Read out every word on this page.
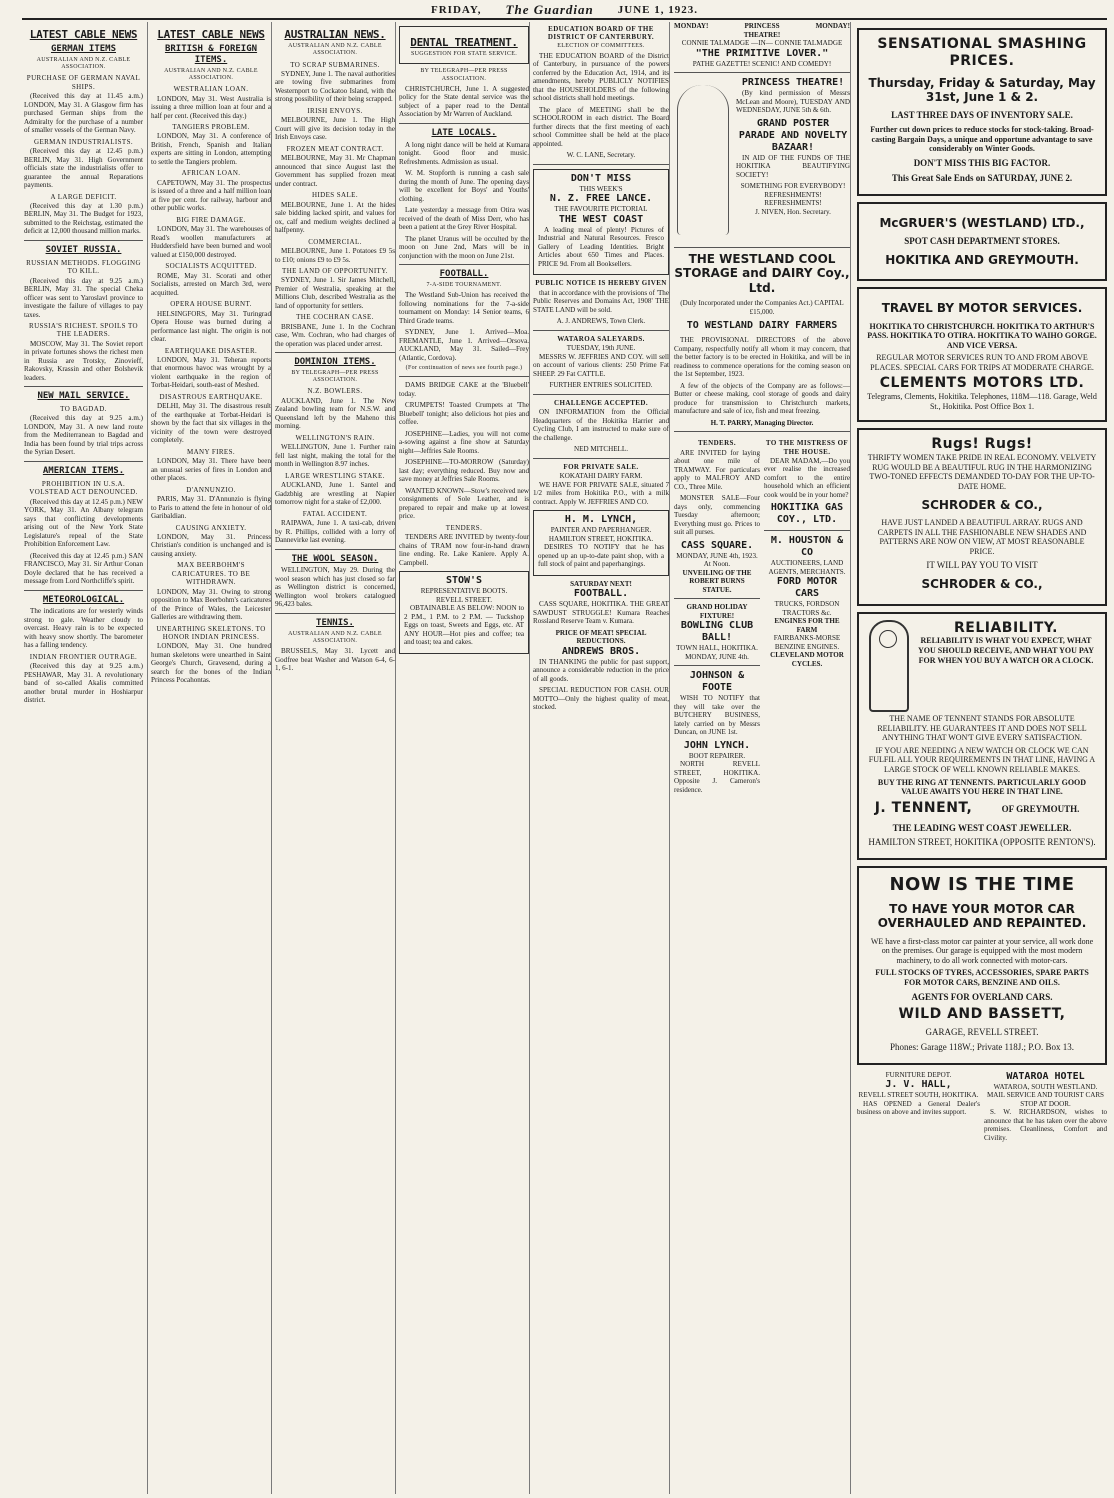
FRIDAY, The Guardian JUNE 1, 1923.
LATEST CABLE NEWS
GERMAN ITEMS
AUSTRALIAN AND N.Z. CABLE ASSOCIATION.
PURCHASE OF GERMAN NAVAL SHIPS.

(Received this day at 11.45 a.m.) LONDON, May 31. A Glasgow firm has purchased German ships from the Admiralty for the purchase of a number of smaller vessels of the German Navy.

GERMAN INDUSTRIALISTS.

(Received this day at 12.45 p.m.) BERLIN, May 31. High Government officials state the industrialists offer to guarantee the annual Reparations payments.

A LARGE DEFICIT.

(Received this day at 1.30 p.m.) BERLIN, May 31. The Budget for 1923, submitted to the Reichstag, estimated the deficit at 12,000 thousand million marks.

SOVIET RUSSIA.
RUSSIAN METHODS. FLOGGING TO KILL.

(Received this day at 9.25 a.m.) BERLIN, May 31. The special Cheka officer was sent to Yaroslavl province to investigate the failure of villages to pay taxes.

RUSSIA'S RICHEST. SPOILS TO THE LEADERS.

MOSCOW, May 31. The Soviet report in private fortunes shows the richest men in Russia are Trotsky, Zinovieff, Rakovsky, Krassin and other Bolshevik leaders.

NEW MAIL SERVICE.
TO BAGDAD.

(Received this day at 9.25 a.m.) LONDON, May 31. A new land route from the Mediterranean to Bagdad and India has been found by trial trips across the Syrian Desert.

AMERICAN ITEMS.
PROHIBITION IN U.S.A. VOLSTEAD ACT DENOUNCED.

(Received this day at 12.45 p.m.) NEW YORK, May 31. An Albany telegram says that conflicting developments arising out of the New York State Legislature's repeal of the State Prohibition Enforcement Law.

(Received this day at 12.45 p.m.) SAN FRANCISCO, May 31. Sir Arthur Conan Doyle declared that he has received a message from Lord Northcliffe's spirit.

METEOROLOGICAL.

The indications are for westerly winds strong to gale. Weather cloudy to overcast. Heavy rain is to be expected with heavy snow shortly. The barometer has a falling tendency.

INDIAN FRONTIER OUTRAGE.

(Received this day at 9.25 a.m.) PESHAWAR, May 31. A revolutionary band of so-called Akalis committed another brutal murder in Hoshiarpur district.

LATEST CABLE NEWS
BRITISH & FOREIGN ITEMS.
AUSTRALIAN AND N.Z. CABLE ASSOCIATION.
WESTRALIAN LOAN.

LONDON, May 31. West Australia is issuing a three million loan at four and a half per cent. (Received this day.)

TANGIERS PROBLEM.

LONDON, May 31. A conference of British, French, Spanish and Italian experts are sitting in London, attempting to settle the Tangiers problem.

AFRICAN LOAN.

CAPETOWN, May 31. The prospectus is issued of a three and a half million loan at five per cent. for railway, harbour and other public works.

BIG FIRE DAMAGE.

LONDON, May 31. The warehouses of Read's woollen manufacturers at Huddersfield have been burned and wool valued at £150,000 destroyed.

SOCIALISTS ACQUITTED.

ROME, May 31. Scorati and other Socialists, arrested on March 3rd, were acquitted.

OPERA HOUSE BURNT.

HELSINGFORS, May 31. Turingrad Opera House was burned during a performance last night. The origin is not clear.

EARTHQUAKE DISASTER.

LONDON, May 31. Teheran reports that enormous havoc was wrought by a violent earthquake in the region of Torbat-Heidari, south-east of Meshed.

DISASTROUS EARTHQUAKE.

DELHI, May 31. The disastrous result of the earthquake at Torbat-Heidari is shown by the fact that six villages in the vicinity of the town were destroyed completely.

MANY FIRES.

LONDON, May 31. There have been an unusual series of fires in London and other places.

D'ANNUNZIO.

PARIS, May 31. D'Annunzio is flying to Paris to attend the fete in honour of old Garibaldian.

CAUSING ANXIETY.

LONDON, May 31. Princess Christian's condition is unchanged and is causing anxiety.

MAX BEERBOHM'S CARICATURES. TO BE WITHDRAWN.

LONDON, May 31. Owing to strong opposition to Max Beerbohm's caricatures of the Prince of Wales, the Leicester Galleries are withdrawing them.

UNEARTHING SKELETONS. TO HONOR INDIAN PRINCESS.

LONDON, May 31. One hundred human skeletons were unearthed in Saint George's Church, Gravesend, during a search for the bones of the Indian Princess Pocahontas.

AUSTRALIAN NEWS.
AUSTRALIAN AND N.Z. CABLE ASSOCIATION.
TO SCRAP SUBMARINES.

SYDNEY, June 1. The naval authorities are towing five submarines from Westernport to Cockatoo Island, with the strong possibility of their being scrapped.

IRISH ENVOYS.

MELBOURNE, June 1. The High Court will give its decision today in the Irish Envoys case.

FROZEN MEAT CONTRACT.

MELBOURNE, May 31. Mr Chapman announced that since August last the Government has supplied frozen meat under contract.

HIDES SALE.

MELBOURNE, June 1. At the hides sale bidding lacked spirit, and values for ox, calf and medium weights declined a halfpenny.

COMMERCIAL.

MELBOURNE, June 1. Potatoes £9 5s to £10; onions £9 to £9 5s.

THE LAND OF OPPORTUNITY.

SYDNEY, June 1. Sir James Mitchell, Premier of Westralia, speaking at the Millions Club, described Westralia as the land of opportunity for settlers.

THE COCHRAN CASE.

BRISBANE, June 1. In the Cochran case, Wm. Cochran, who had charges of the operation was placed under arrest.

DOMINION ITEMS.
BY TELEGRAPH—PER PRESS ASSOCIATION.
N.Z. BOWLERS.

AUCKLAND, June 1. The New Zealand bowling team for N.S.W. and Queensland left by the Maheno this morning.

WELLINGTON'S RAIN.

WELLINGTON, June 1. Further rain fell last night, making the total for the month in Wellington 8.97 inches.

LARGE WRESTLING STAKE.

AUCKLAND, June 1. Santel and Gadzbhig are wrestling at Napier tomorrow night for a stake of £2,000.

FATAL ACCIDENT.

RAIPAWA, June 1. A taxi-cab, driven by R. Phillips, collided with a lorry of Dannevirke last evening.

THE WOOL SEASON.

WELLINGTON, May 29. During the wool season which has just closed so far as Wellington district is concerned, Wellington wool brokers catalogued 96,423 bales.

TENNIS.
AUSTRALIAN AND N.Z. CABLE ASSOCIATION.

BRUSSELS, May 31. Lycett and Godfree beat Washer and Watson 6-4, 6-1, 6-1.

DENTAL TREATMENT.
SUGGESTION FOR STATE SERVICE.
BY TELEGRAPH—PER PRESS ASSOCIATION.

CHRISTCHURCH, June 1. A suggested policy for the State dental service was the subject of a paper read to the Dental Association by Mr Warren of Auckland.

LATE LOCALS.

A long night dance will be held at Kumara tonight. Good floor and music. Refreshments. Admission as usual.

W. M. Stopforth is running a cash sale during the month of June. The opening days will be excellent for Boys' and Youths' clothing.

Late yesterday a message from Otira was received of the death of Miss Derr, who has been a patient at the Grey River Hospital.

The planet Uranus will be occulted by the moon on June 2nd, Mars will be in conjunction with the moon on June 21st.

FOOTBALL.
7-A-SIDE TOURNAMENT.

The Westland Sub-Union has received the following nominations for the 7-a-side tournament on Monday: 14 Senior teams, 6 Third Grade teams.

SYDNEY, June 1. Arrived—Moa. FREMANTLE, June 1. Arrived—Orsova. AUCKLAND, May 31. Sailed—Frey (Atlantic, Cordova).

(For continuation of news see fourth page.)

DAMS BRIDGE CAKE at the 'Bluebell' today.

CRUMPETS! Toasted Crumpets at 'The Bluebell' tonight; also delicious hot pies and coffee.

JOSEPHINE—Ladies, you will not come a-sowing against a fine show at Saturday night—Jeffries Sale Rooms.

JOSEPHINE—TO-MORROW (Saturday) last day; everything reduced. Buy now and save money at Jeffries Sale Rooms.

WANTED KNOWN—Stow's received new consignments of Sole Leather, and is prepared to repair and make up at lowest price.

TENDERS.

TENDERS ARE INVITED by twenty-four chains of TRAM now four-in-hand drawn line ending. Re. Lake Kaniere. Apply A. Campbell.

STOW'S
REPRESENTATIVE BOOTS.
REVELL STREET.

OBTAINABLE AS BELOW: NOON to 2 P.M., 1 P.M. to 2 P.M. — Tuckshop Eggs on toast, Sweets and Eggs, etc. AT ANY HOUR—Hot pies and coffee; tea and toast; tea and cakes.

EDUCATION BOARD OF THE DISTRICT OF CANTERBURY.
ELECTION OF COMMITTEES.

THE EDUCATION BOARD of the District of Canterbury, in pursuance of the powers conferred by the Education Act, 1914, and its amendments, hereby PUBLICLY NOTIFIES that the HOUSEHOLDERS of the following school districts shall hold meetings.

The place of MEETING shall be the SCHOOLROOM in each district. The Board further directs that the first meeting of each school Committee shall be held at the place appointed.

W. C. LANE, Secretary.
DON'T MISS
THIS WEEK'S
N. Z. FREE LANCE.
THE FAVOURITE PICTORIAL
THE WEST COAST

A leading meal of plenty! Pictures of Industrial and Natural Resources. Fresco Gallery of Leading Identities. Bright Articles about 650 Times and Places. PRICE 9d. From all Booksellers.

PUBLIC NOTICE IS HEREBY GIVEN

that in accordance with the provisions of 'The Public Reserves and Domains Act, 1908' THE STATE LAND will be sold.

A. J. ANDREWS, Town Clerk.
WATAROA SALEYARDS.
TUESDAY, 19th JUNE.

MESSRS W. JEFFRIES AND COY. will sell on account of various clients: 250 Prime Fat SHEEP. 29 Fat CATTLE.

FURTHER ENTRIES SOLICITED.
CHALLENGE ACCEPTED.

ON INFORMATION from the Official Headquarters of the Hokitika Harrier and Cycling Club, I am instructed to make sure of the challenge.

NED MITCHELL.
FOR PRIVATE SALE.
KOKATAHI DAIRY FARM.

WE HAVE FOR PRIVATE SALE, situated 7 1/2 miles from Hokitika P.O., with a milk contract. Apply W. JEFFRIES AND CO.

H. M. LYNCH,
PAINTER AND PAPERHANGER.
HAMILTON STREET, HOKITIKA.

DESIRES TO NOTIFY that he has opened up an up-to-date paint shop, with a full stock of paint and paperhangings.

SATURDAY NEXT!
FOOTBALL.

CASS SQUARE, HOKITIKA. THE GREAT SAWDUST STRUGGLE! Kumara Reaches Rossland Reserve Team v. Kumara.

PRICE OF MEAT! SPECIAL REDUCTIONS.
ANDREWS BROS.

IN THANKING the public for past support, announce a considerable reduction in the price of all goods.

SPECIAL REDUCTION FOR CASH. OUR MOTTO—Only the highest quality of meat, stocked.

MONDAY!	PRINCESS THEATRE!
MONDAY!
CONNIE TALMADGE —IN— CONNIE TALMADGE
"THE PRIMITIVE LOVER."
PATHE GAZETTE! SCENIC! AND COMEDY!
PRINCESS THEATRE!

(By kind permission of Messrs McLean and Moore), TUESDAY AND WEDNESDAY, JUNE 5th & 6th.

GRAND POSTER PARADE AND NOVELTY BAZAAR!

IN AID OF THE FUNDS OF THE HOKITIKA BEAUTIFYING SOCIETY!

SOMETHING FOR EVERYBODY! REFRESHMENTS! REFRESHMENTS!
J. NIVEN, Hon. Secretary.
THE WESTLAND COOL STORAGE and DAIRY Coy., Ltd.
(Duly Incorporated under the Companies Act.) CAPITAL £15,000.
TO WESTLAND DAIRY FARMERS

THE PROVISIONAL DIRECTORS of the above Company, respectfully notify all whom it may concern, that the better factory is to be erected in Hokitika, and will be in readiness to commence operations for the coming season on the 1st September, 1923.

A few of the objects of the Company are as follows:— Butter or cheese making, cool storage of goods and dairy produce for transmission to Christchurch markets, manufacture and sale of ice, fish and meat freezing.

H. T. PARRY, Managing Director.
TENDERS.

ARE INVITED for laying about one mile of TRAMWAY. For particulars apply to MALFROY AND CO., Three Mile.

MONSTER SALE—Four days only, commencing Tuesday afternoon; Everything must go. Prices to suit all purses.

CASS SQUARE.
MONDAY, JUNE 4th, 1923. At Noon.
UNVEILING OF THE ROBERT BURNS STATUE.
GRAND HOLIDAY FIXTURE!
BOWLING CLUB BALL!
TOWN HALL, HOKITIKA. MONDAY, JUNE 4th.
JOHNSON & FOOTE

WISH TO NOTIFY that they will take over the BUTCHERY BUSINESS, lately carried on by Messrs Duncan, on JUNE 1st.

JOHN LYNCH.
BOOT REPAIRER.

NORTH REVELL STREET, HOKITIKA. Opposite J. Cameron's residence.

TO THE MISTRESS OF THE HOUSE.

DEAR MADAM,—Do you ever realise the increased comfort to the entire household which an efficient cook would be in your home?

HOKITIKA GAS COY., LTD.
M. HOUSTON & CO
AUCTIONEERS, LAND AGENTS, MERCHANTS.
FORD MOTOR CARS
TRUCKS, FORDSON TRACTORS &c.
ENGINES FOR THE FARM
FAIRBANKS-MORSE BENZINE ENGINES.
CLEVELAND MOTOR CYCLES.
SENSATIONAL SMASHING PRICES.
Thursday, Friday & Saturday, May 31st, June 1 & 2.
LAST THREE DAYS OF INVENTORY SALE.

Further cut down prices to reduce stocks for stock-taking. Broad-casting Bargain Days, a unique and opportune advantage to save considerably on Winter Goods.

DON'T MISS THIS BIG FACTOR.
This Great Sale Ends on SATURDAY, JUNE 2.
McGRUER'S (WESTLAND) LTD.,
SPOT CASH DEPARTMENT STORES.
HOKITIKA AND GREYMOUTH.
TRAVEL BY MOTOR SERVICES.

HOKITIKA TO CHRISTCHURCH. HOKITIKA TO ARTHUR'S PASS. HOKITIKA TO OTIRA. HOKITIKA TO WAIHO GORGE. AND VICE VERSA.

REGULAR MOTOR SERVICES RUN TO AND FROM ABOVE PLACES. SPECIAL CARS FOR TRIPS AT MODERATE CHARGE.

CLEMENTS MOTORS LTD.

Telegrams, Clements, Hokitika. Telephones, 118M—118. Garage, Weld St., Hokitika. Post Office Box 1.

Rugs! Rugs!

THRIFTY WOMEN TAKE PRIDE IN REAL ECONOMY. VELVETY RUG WOULD BE A BEAUTIFUL RUG IN THE HARMONIZING TWO-TONED EFFECTS DEMANDED TO-DAY FOR THE UP-TO-DATE HOME.

SCHRODER & CO.,

HAVE JUST LANDED A BEAUTIFUL ARRAY. RUGS AND CARPETS IN ALL THE FASHIONABLE NEW SHADES AND PATTERNS ARE NOW ON VIEW, AT MOST REASONABLE PRICE.

IT WILL PAY YOU TO VISIT
SCHRODER & CO.,
RELIABILITY.

RELIABILITY IS WHAT YOU EXPECT, WHAT YOU SHOULD RECEIVE, AND WHAT YOU PAY FOR WHEN YOU BUY A WATCH OR A CLOCK.

THE NAME OF TENNENT STANDS FOR ABSOLUTE RELIABILITY. HE GUARANTEES IT AND DOES NOT SELL ANYTHING THAT WON'T GIVE EVERY SATISFACTION.

IF YOU ARE NEEDING A NEW WATCH OR CLOCK WE CAN FULFIL ALL YOUR REQUIREMENTS IN THAT LINE, HAVING A LARGE STOCK OF WELL KNOWN RELIABLE MAKES.

BUY THE RING AT TENNENTS. PARTICULARLY GOOD VALUE AWAITS YOU HERE IN THAT LINE.

J. TENNENT,	OF GREYMOUTH.
THE LEADING WEST COAST JEWELLER.
HAMILTON STREET, HOKITIKA (OPPOSITE RENTON'S).
NOW IS THE TIME
TO HAVE YOUR MOTOR CAR OVERHAULED AND REPAINTED.

WE have a first-class motor car painter at your service, all work done on the premises. Our garage is equipped with the most modern machinery, to do all work connected with motor-cars.

FULL STOCKS OF TYRES, ACCESSORIES, SPARE PARTS FOR MOTOR CARS, BENZINE AND OILS.

AGENTS FOR OVERLAND CARS.
WILD AND BASSETT,
GARAGE, REVELL STREET.
Phones: Garage 118W.; Private 118J.; P.O. Box 13.
FURNITURE DEPOT.
J. V. HALL,
REVELL STREET SOUTH, HOKITIKA.

HAS OPENED a General Dealer's business on above and invites support.

WATAROA HOTEL
WATAROA, SOUTH WESTLAND.
MAIL SERVICE AND TOURIST CARS STOP AT DOOR.

S. W. RICHARDSON, wishes to announce that he has taken over the above premises. Cleanliness, Comfort and Civility.
